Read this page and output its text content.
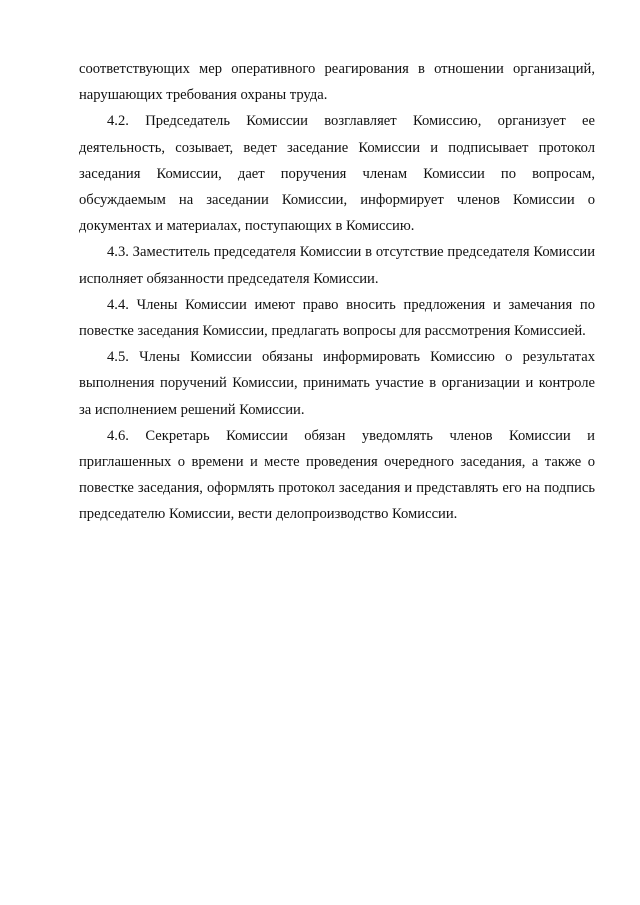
соответствующих мер оперативного реагирования в отношении организаций, нарушающих требования охраны труда.

4.2. Председатель Комиссии возглавляет Комиссию, организует ее деятельность, созывает, ведет заседание Комиссии и подписывает протокол заседания Комиссии, дает поручения членам Комиссии по вопросам, обсуждаемым на заседании Комиссии, информирует членов Комиссии о документах и материалах, поступающих в Комиссию.

4.3. Заместитель председателя Комиссии в отсутствие председателя Комиссии исполняет обязанности председателя Комиссии.

4.4. Члены Комиссии имеют право вносить предложения и замечания по повестке заседания Комиссии, предлагать вопросы для рассмотрения Комиссией.

4.5. Члены Комиссии обязаны информировать Комиссию о результатах выполнения поручений Комиссии, принимать участие в организации и контроле за исполнением решений Комиссии.

4.6. Секретарь Комиссии обязан уведомлять членов Комиссии и приглашенных о времени и месте проведения очередного заседания, а также о повестке заседания, оформлять протокол заседания и представлять его на подпись председателю Комиссии, вести делопроизводство Комиссии.
